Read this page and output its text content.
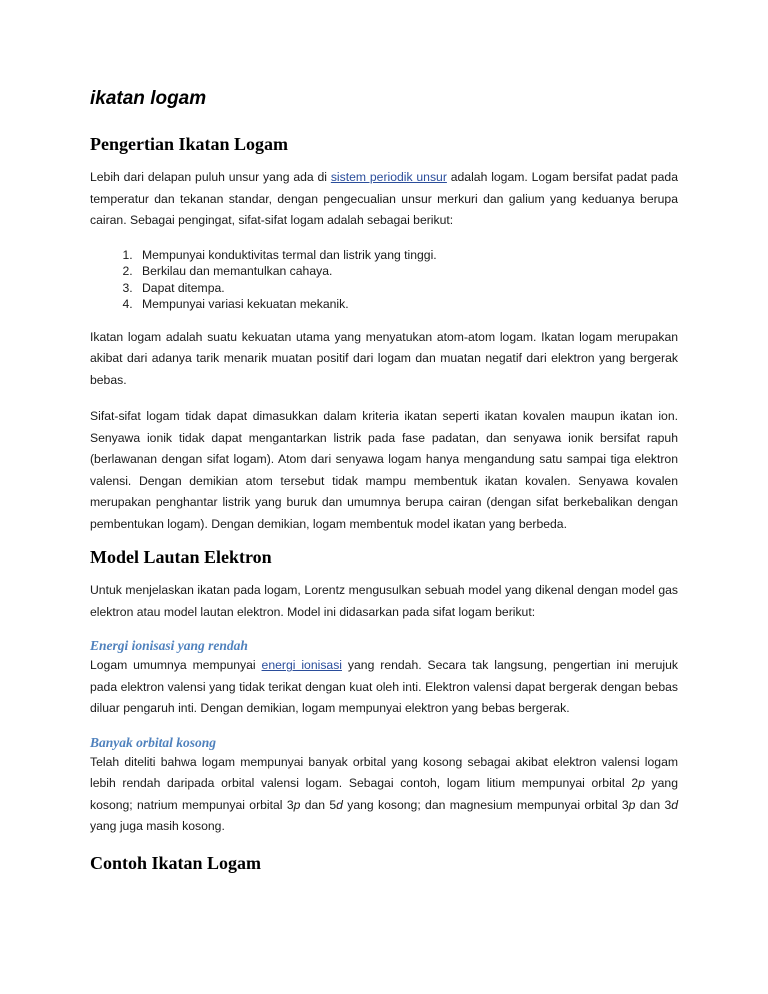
ikatan logam
Pengertian Ikatan Logam

Lebih dari delapan puluh unsur yang ada di sistem periodik unsur adalah logam. Logam bersifat padat pada temperatur dan tekanan standar, dengan pengecualian unsur merkuri dan galium yang keduanya berupa cairan. Sebagai pengingat, sifat-sifat logam adalah sebagai berikut:

1. Mempunyai konduktivitas termal dan listrik yang tinggi.
2. Berkilau dan memantulkan cahaya.
3. Dapat ditempa.
4. Mempunyai variasi kekuatan mekanik.

Ikatan logam adalah suatu kekuatan utama yang menyatukan atom-atom logam. Ikatan logam merupakan akibat dari adanya tarik menarik muatan positif dari logam dan muatan negatif dari elektron yang bergerak bebas.

Sifat-sifat logam tidak dapat dimasukkan dalam kriteria ikatan seperti ikatan kovalen maupun ikatan ion. Senyawa ionik tidak dapat mengantarkan listrik pada fase padatan, dan senyawa ionik bersifat rapuh (berlawanan dengan sifat logam). Atom dari senyawa logam hanya mengandung satu sampai tiga elektron valensi. Dengan demikian atom tersebut tidak mampu membentuk ikatan kovalen. Senyawa kovalen merupakan penghantar listrik yang buruk dan umumnya berupa cairan (dengan sifat berkebalikan dengan pembentukan logam). Dengan demikian, logam membentuk model ikatan yang berbeda.

Model Lautan Elektron

Untuk menjelaskan ikatan pada logam, Lorentz mengusulkan sebuah model yang dikenal dengan model gas elektron atau model lautan elektron. Model ini didasarkan pada sifat logam berikut:

Energi ionisasi yang rendah

Logam umumnya mempunyai energi ionisasi yang rendah. Secara tak langsung, pengertian ini merujuk pada elektron valensi yang tidak terikat dengan kuat oleh inti. Elektron valensi dapat bergerak dengan bebas diluar pengaruh inti. Dengan demikian, logam mempunyai elektron yang bebas bergerak.

Banyak orbital kosong

Telah diteliti bahwa logam mempunyai banyak orbital yang kosong sebagai akibat elektron valensi logam lebih rendah daripada orbital valensi logam. Sebagai contoh, logam litium mempunyai orbital 2p yang kosong; natrium mempunyai orbital 3p dan 5d yang kosong; dan magnesium mempunyai orbital 3p dan 3d yang juga masih kosong.

Contoh Ikatan Logam
